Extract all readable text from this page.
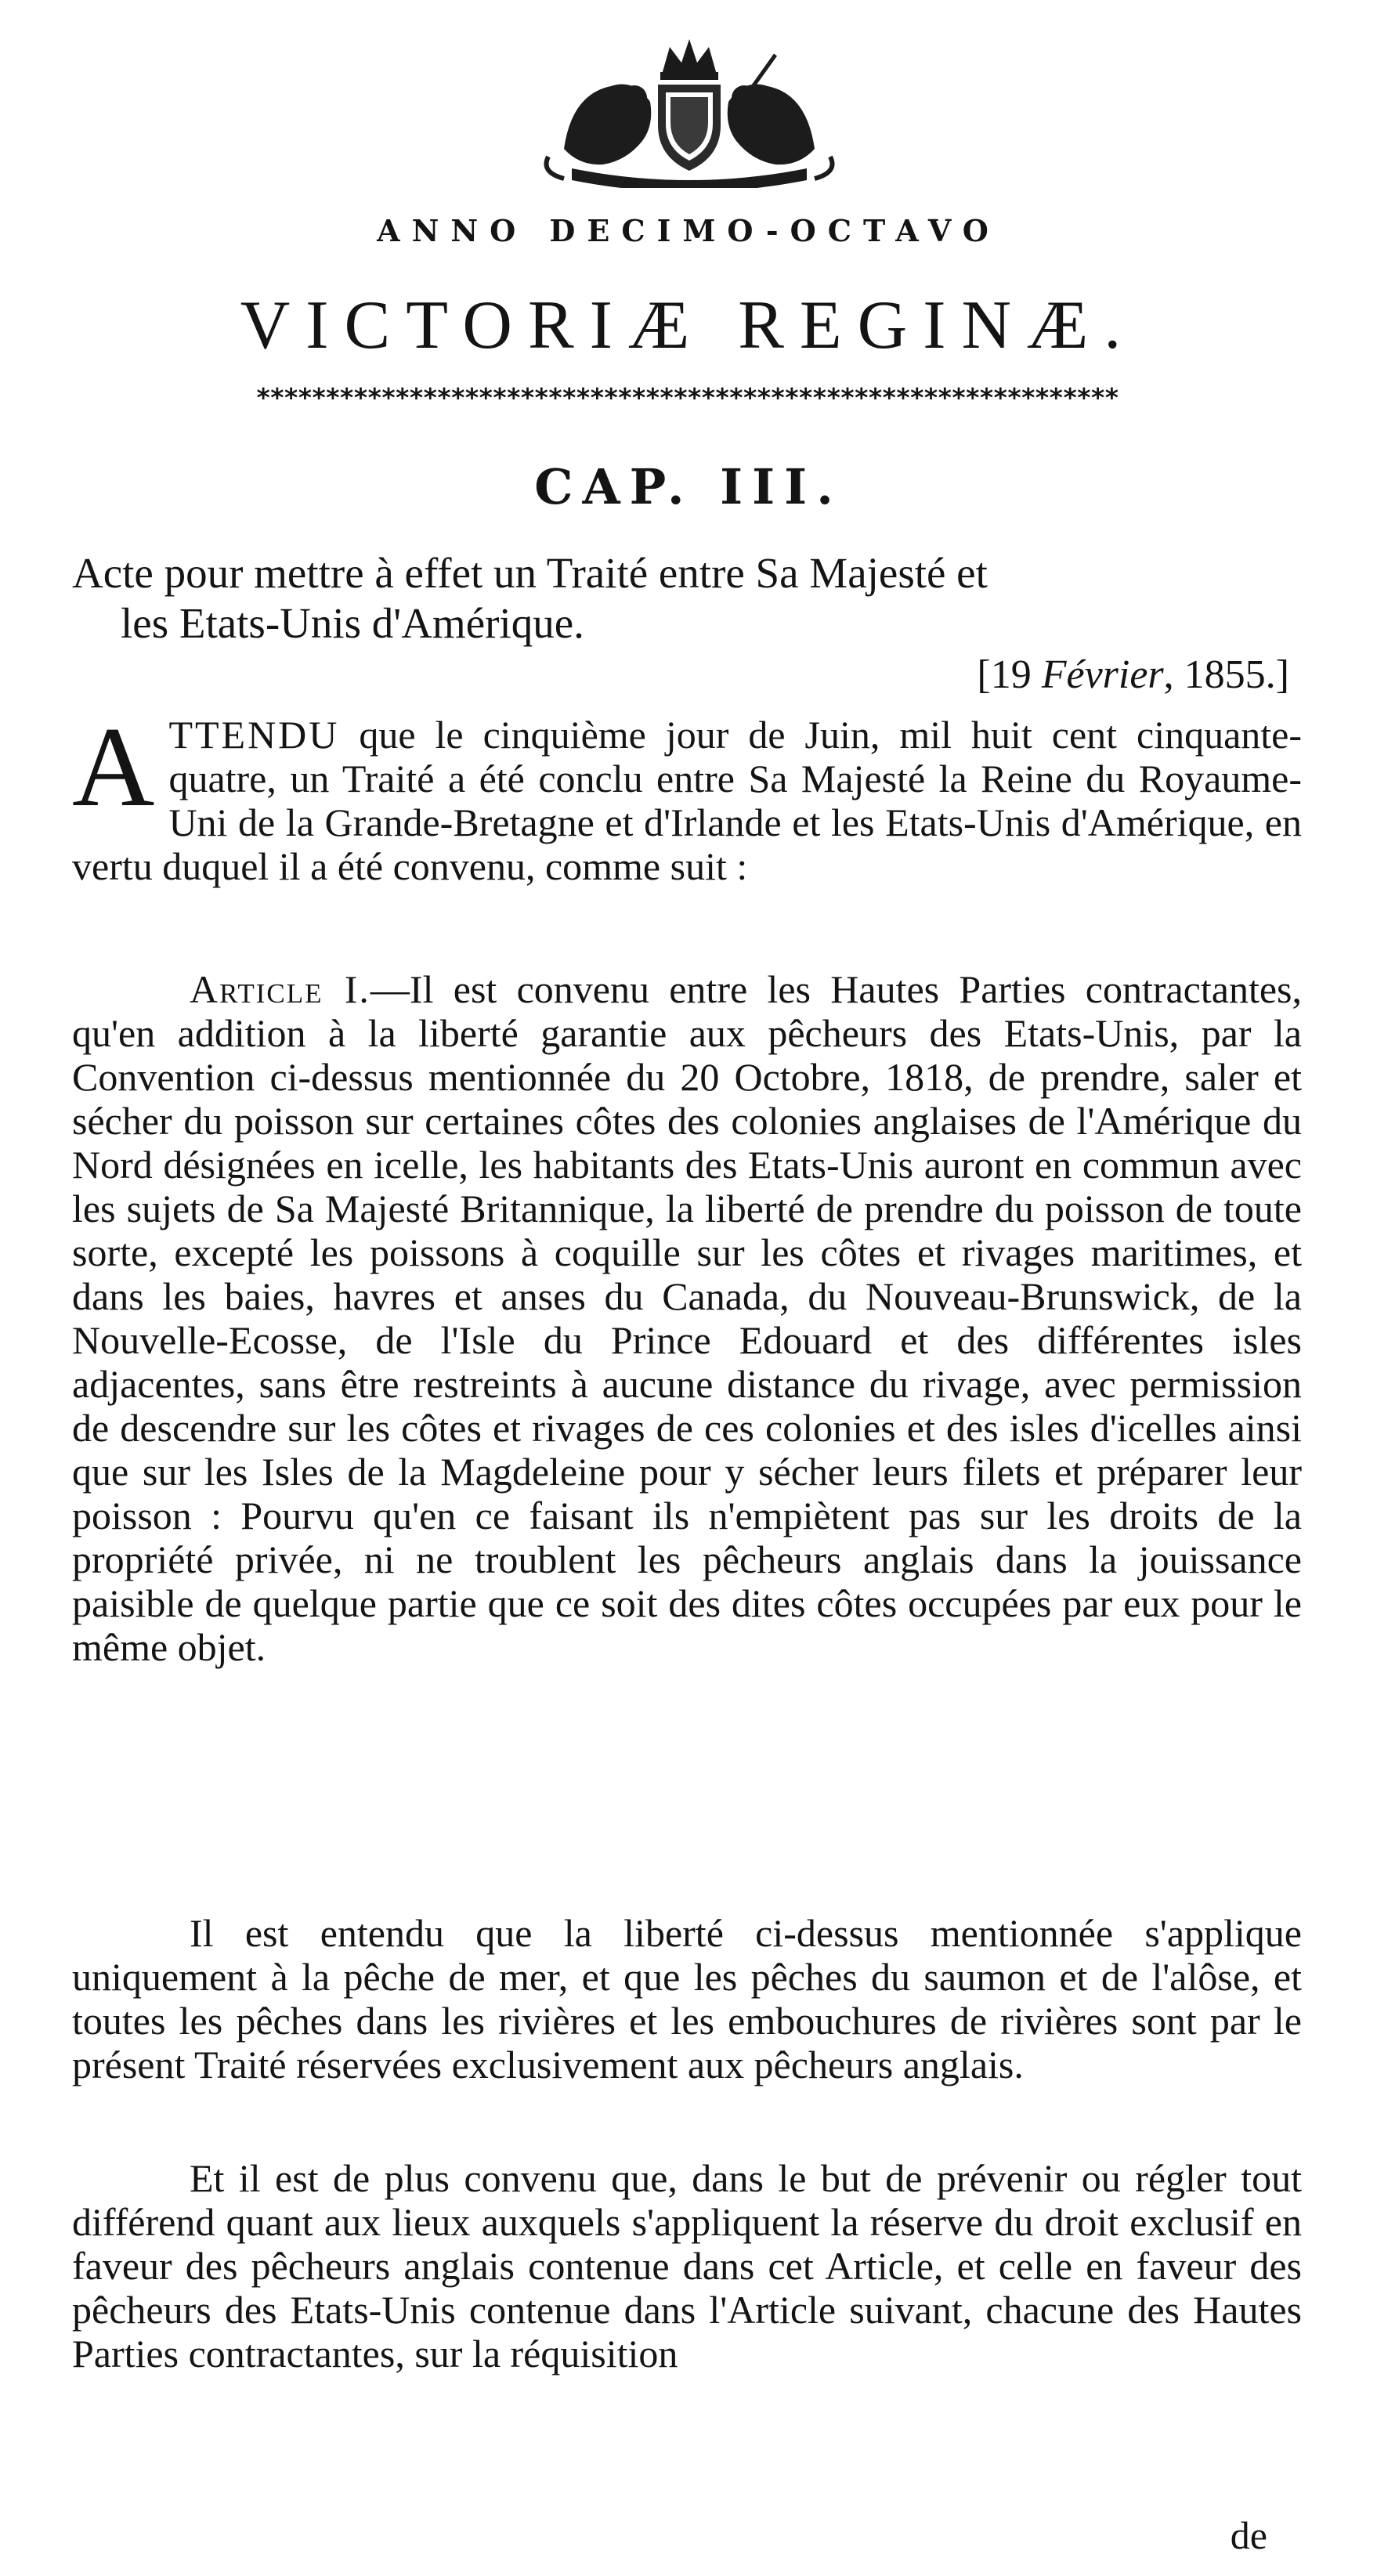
ANNO DECIMO-OCTAVO
VICTORIÆ REGINÆ.
**************************************************************
CAP. III.
Acte pour mettre à effet un Traité entre Sa Majesté et
les Etats-Unis d'Amérique.
[19 Février, 1855.]
ATTENDU que le cinquième jour de Juin, mil huit cent cinquante-quatre, un Traité a été conclu entre Sa Majesté la Reine du Royaume-Uni de la Grande-Bretagne et d'Irlande et les Etats-Unis d'Amérique, en vertu duquel il a été convenu, comme suit :

Article I.—Il est convenu entre les Hautes Parties contractantes, qu'en addition à la liberté garantie aux pêcheurs des Etats-Unis, par la Convention ci-dessus mentionnée du 20 Octobre, 1818, de prendre, saler et sécher du poisson sur certaines côtes des colonies anglaises de l'Amérique du Nord désignées en icelle, les habitants des Etats-Unis auront en commun avec les sujets de Sa Majesté Britannique, la liberté de prendre du poisson de toute sorte, excepté les poissons à coquille sur les côtes et rivages maritimes, et dans les baies, havres et anses du Canada, du Nouveau-Brunswick, de la Nouvelle-Ecosse, de l'Isle du Prince Edouard et des différentes isles adjacentes, sans être restreints à aucune distance du rivage, avec permission de descendre sur les côtes et rivages de ces colonies et des isles d'icelles ainsi que sur les Isles de la Magdeleine pour y sécher leurs filets et préparer leur poisson : Pourvu qu'en ce faisant ils n'empiètent pas sur les droits de la propriété privée, ni ne troublent les pêcheurs anglais dans la jouissance paisible de quelque partie que ce soit des dites côtes occupées par eux pour le même objet.

Il est entendu que la liberté ci-dessus mentionnée s'applique uniquement à la pêche de mer, et que les pêches du saumon et de l'alôse, et toutes les pêches dans les rivières et les embouchures de rivières sont par le présent Traité réservées exclusivement aux pêcheurs anglais.

Et il est de plus convenu que, dans le but de prévenir ou régler tout différend quant aux lieux auxquels s'appliquent la réserve du droit exclusif en faveur des pêcheurs anglais contenue dans cet Article, et celle en faveur des pêcheurs des Etats-Unis contenue dans l'Article suivant, chacune des Hautes Parties contractantes, sur la réquisition

de
